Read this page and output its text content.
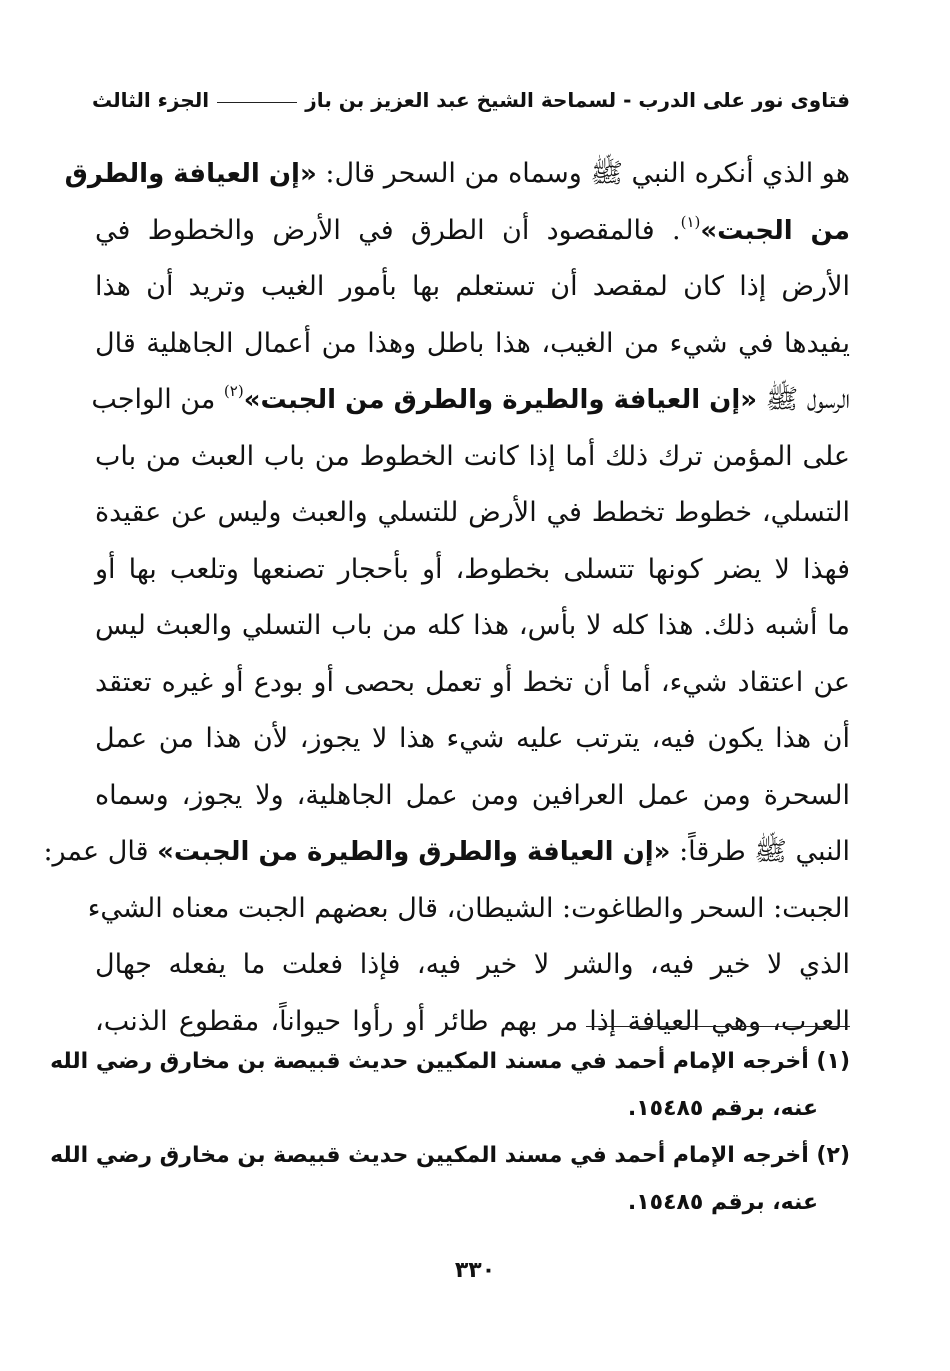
فتاوى نور على الدرب - لسماحة الشيخ عبد العزيز بن باز
الجزء الثالث
هو الذي أنكره النبي ﷺ وسماه من السحر قال: «إن العيافة والطرق
من الجبت»$^{(١)}$. فالمقصود أن الطرق في الأرض والخطوط في
الأرض إذا كان لمقصد أن تستعلم بها بأمور الغيب وتريد أن هذا
يفيدها في شيء من الغيب، هذا باطل وهذا من أعمال الجاهلية قال
الرسول ﷺ «إن العيافة والطيرة والطرق من الجبت»$^{(٢)}$ من الواجب
على المؤمن ترك ذلك أما إذا كانت الخطوط من باب العبث من باب
التسلي، خطوط تخطط في الأرض للتسلي والعبث وليس عن عقيدة
فهذا لا يضر كونها تتسلى بخطوط، أو بأحجار تصنعها وتلعب بها أو
ما أشبه ذلك. هذا كله لا بأس، هذا كله من باب التسلي والعبث ليس
عن اعتقاد شيء، أما أن تخط أو تعمل بحصى أو بودع أو غيره تعتقد
أن هذا يكون فيه، يترتب عليه شيء هذا لا يجوز، لأن هذا من عمل
السحرة ومن عمل العرافين ومن عمل الجاهلية، ولا يجوز، وسماه
النبي ﷺ طرقاً: «إن العيافة والطرق والطيرة من الجبت» قال عمر:
الجبت: السحر والطاغوت: الشيطان، قال بعضهم الجبت معناه الشيء
الذي لا خير فيه، والشر لا خير فيه، فإذا فعلت ما يفعله جهال
العرب، وهي العيافة إذا مر بهم طائر أو رأوا حيواناً، مقطوع الذنب،
(١) أخرجه الإمام أحمد في مسند المكيين حديث قبيصة بن مخارق رضي الله
عنه، برقم ١٥٤٨٥.
(٢) أخرجه الإمام أحمد في مسند المكيين حديث قبيصة بن مخارق رضي الله
عنه، برقم ١٥٤٨٥.
٣٣٠
